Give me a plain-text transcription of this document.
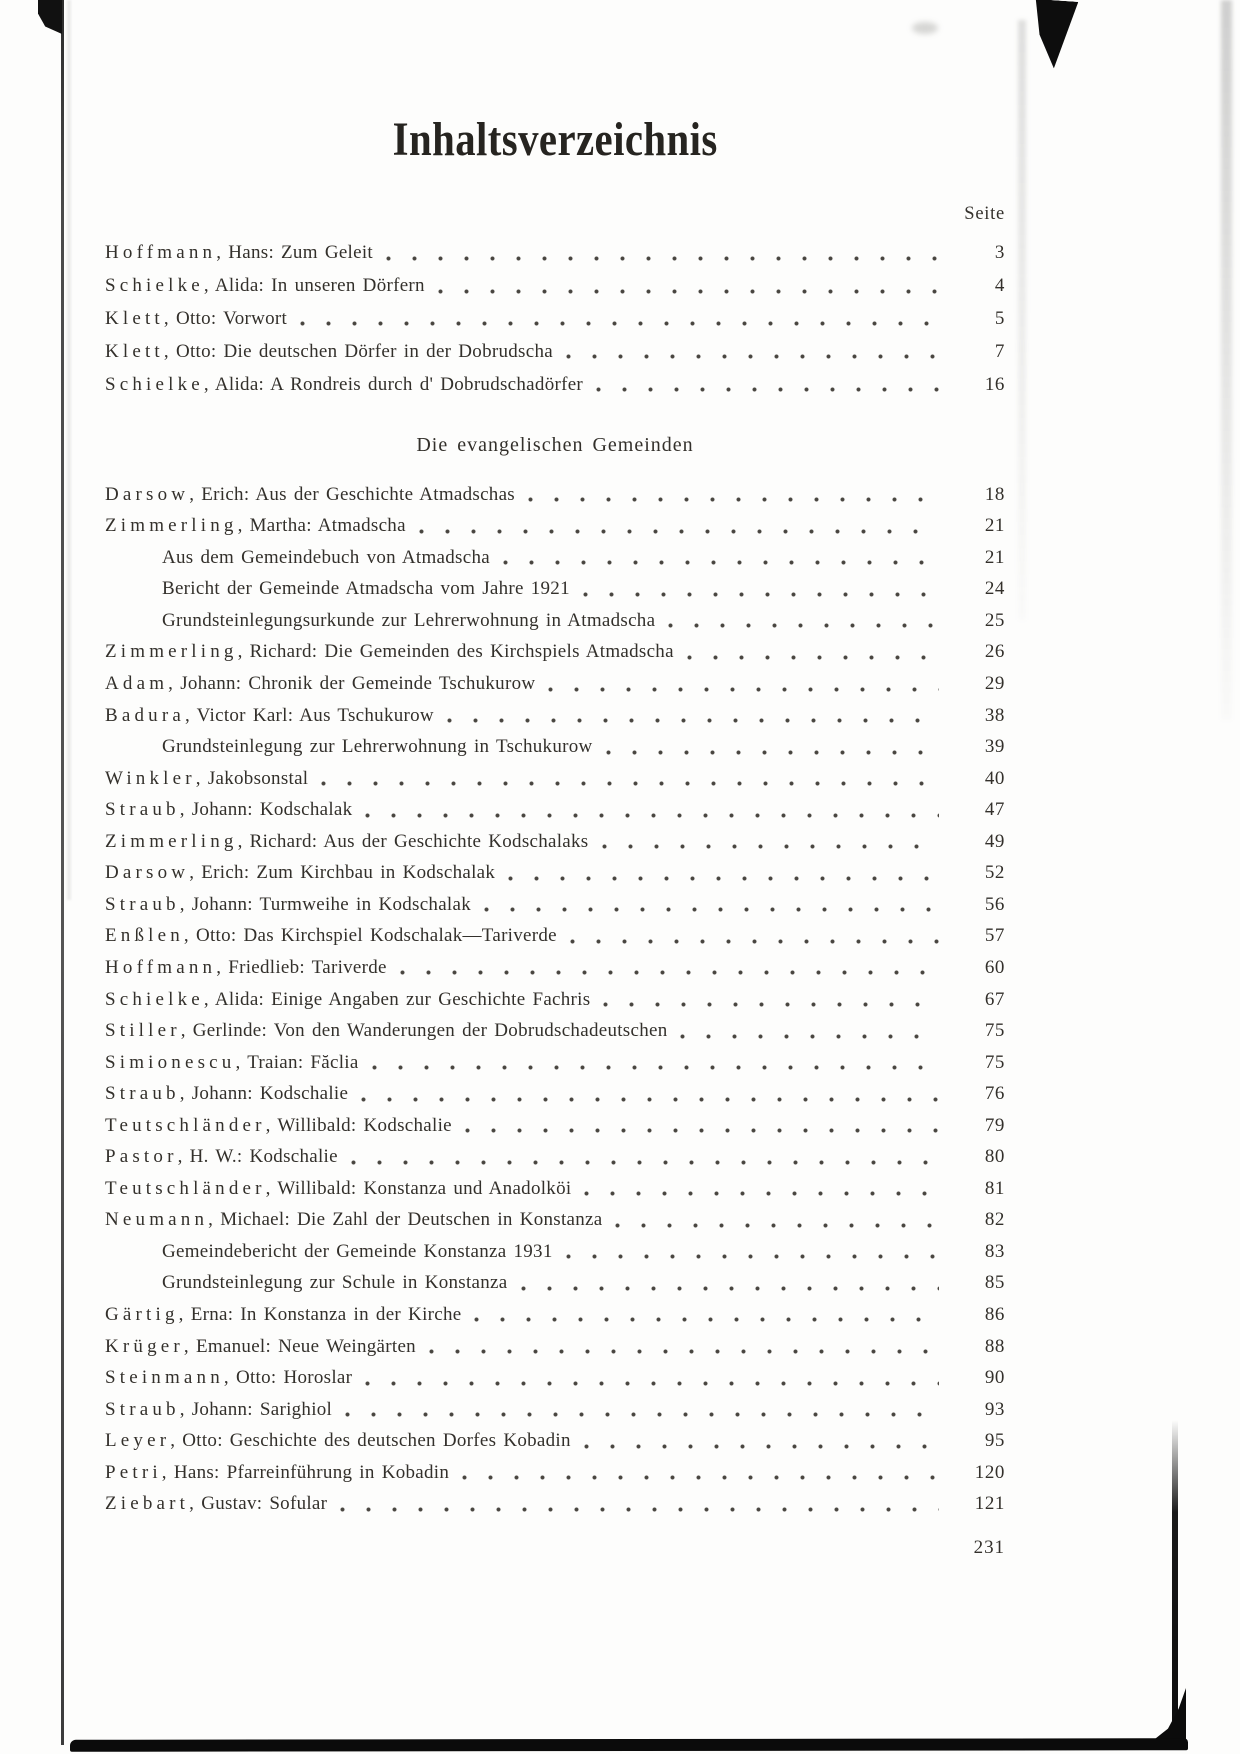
Inhaltsverzeichnis
Seite
Hoffmann, Hans: Zum Geleit	3
Schielke, Alida: In unseren Dörfern	4
Klett, Otto: Vorwort	5
Klett, Otto: Die deutschen Dörfer in der Dobrudscha	7
Schielke, Alida: A Rondreis durch d' Dobrudschadörfer	16
Die evangelischen Gemeinden
Darsow, Erich: Aus der Geschichte Atmadschas	18
Zimmerling, Martha: Atmadscha	21
Aus dem Gemeindebuch von Atmadscha	21
Bericht der Gemeinde Atmadscha vom Jahre 1921	24
Grundsteinlegungsurkunde zur Lehrerwohnung in Atmadscha	25
Zimmerling, Richard: Die Gemeinden des Kirchspiels Atmadscha	26
Adam, Johann: Chronik der Gemeinde Tschukurow	29
Badura, Victor Karl: Aus Tschukurow	38
Grundsteinlegung zur Lehrerwohnung in Tschukurow	39
Winkler, Jakobsonstal	40
Straub, Johann: Kodschalak	47
Zimmerling, Richard: Aus der Geschichte Kodschalaks	49
Darsow, Erich: Zum Kirchbau in Kodschalak	52
Straub, Johann: Turmweihe in Kodschalak	56
Enßlen, Otto: Das Kirchspiel Kodschalak—Tariverde	57
Hoffmann, Friedlieb: Tariverde	60
Schielke, Alida: Einige Angaben zur Geschichte Fachris	67
Stiller, Gerlinde: Von den Wanderungen der Dobrudschadeutschen	75
Simionescu, Traian: Făclia	75
Straub, Johann: Kodschalie	76
Teutschländer, Willibald: Kodschalie	79
Pastor, H. W.: Kodschalie	80
Teutschländer, Willibald: Konstanza und Anadolköi	81
Neumann, Michael: Die Zahl der Deutschen in Konstanza	82
Gemeindebericht der Gemeinde Konstanza 1931	83
Grundsteinlegung zur Schule in Konstanza	85
Gärtig, Erna: In Konstanza in der Kirche	86
Krüger, Emanuel: Neue Weingärten	88
Steinmann, Otto: Horoslar	90
Straub, Johann: Sarighiol	93
Leyer, Otto: Geschichte des deutschen Dorfes Kobadin	95
Petri, Hans: Pfarreinführung in Kobadin	120
Ziebart, Gustav: Sofular	121
231
